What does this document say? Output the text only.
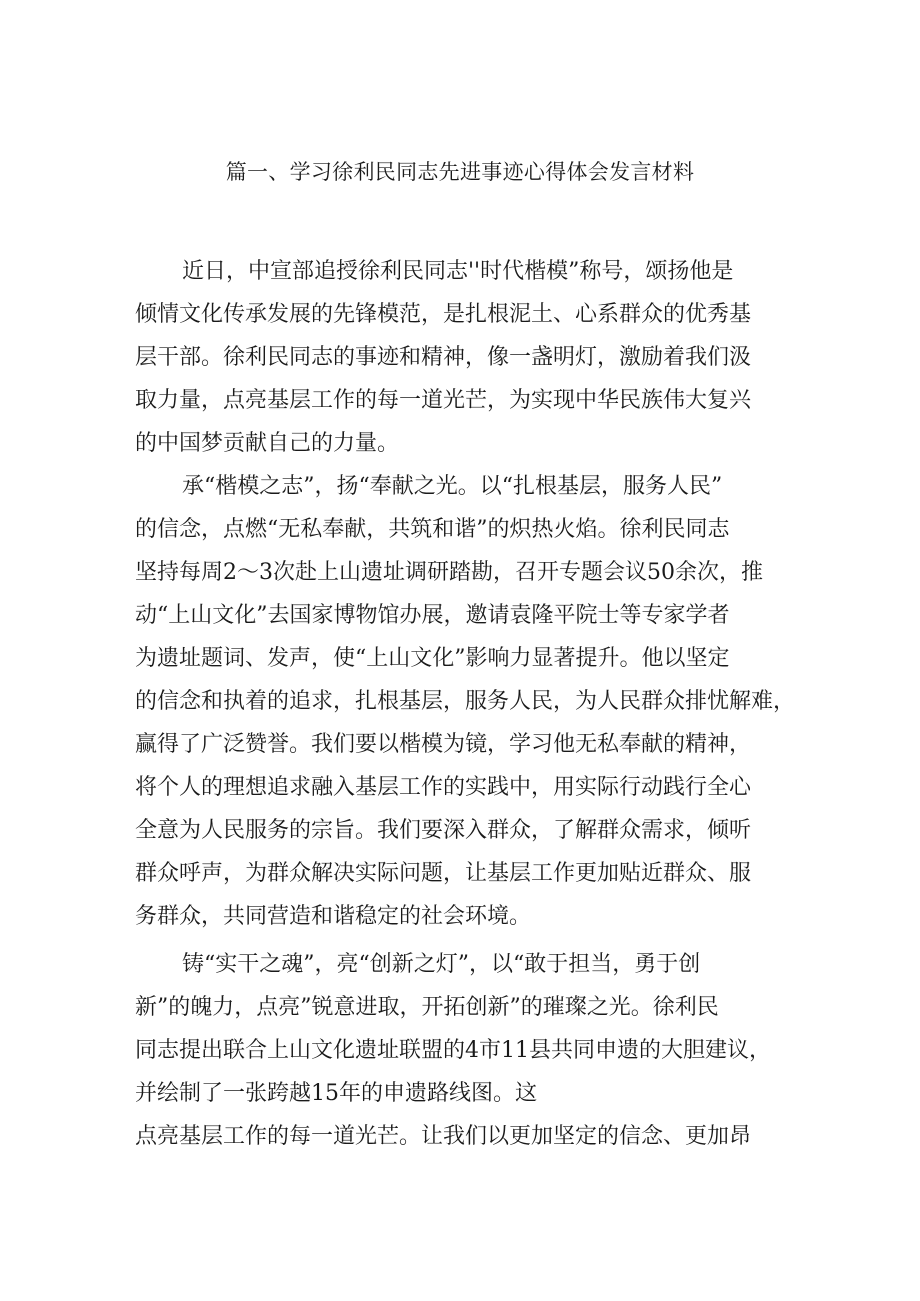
篇一、学习徐利民同志先进事迹心得体会发言材料
近日，中宣部追授徐利民同志''时代楷模”称号，颂扬他是
倾情文化传承发展的先锋模范，是扎根泥土、心系群众的优秀基
层干部。徐利民同志的事迹和精神，像一盏明灯，激励着我们汲
取力量，点亮基层工作的每一道光芒，为实现中华民族伟大复兴
的中国梦贡献自己的力量。
承“楷模之志”，扬“奉献之光。以“扎根基层，服务人民”
的信念，点燃“无私奉献，共筑和谐”的炽热火焰。徐利民同志
坚持每周2～3次赴上山遗址调研踏勘，召开专题会议50余次，推
动“上山文化”去国家博物馆办展，邀请袁隆平院士等专家学者
为遗址题词、发声，使“上山文化”影响力显著提升。他以坚定
的信念和执着的追求，扎根基层，服务人民，为人民群众排忧解难，
赢得了广泛赞誉。我们要以楷模为镜，学习他无私奉献的精神，
将个人的理想追求融入基层工作的实践中，用实际行动践行全心
全意为人民服务的宗旨。我们要深入群众，了解群众需求，倾听
群众呼声，为群众解决实际问题，让基层工作更加贴近群众、服
务群众，共同营造和谐稳定的社会环境。
铸“实干之魂”，亮“创新之灯”，以“敢于担当，勇于创
新”的魄力，点亮”锐意进取，开拓创新”的璀璨之光。徐利民
同志提出联合上山文化遗址联盟的4市11县共同申遗的大胆建议，
并绘制了一张跨越15年的申遗路线图。这
点亮基层工作的每一道光芒。让我们以更加坚定的信念、更加昂
